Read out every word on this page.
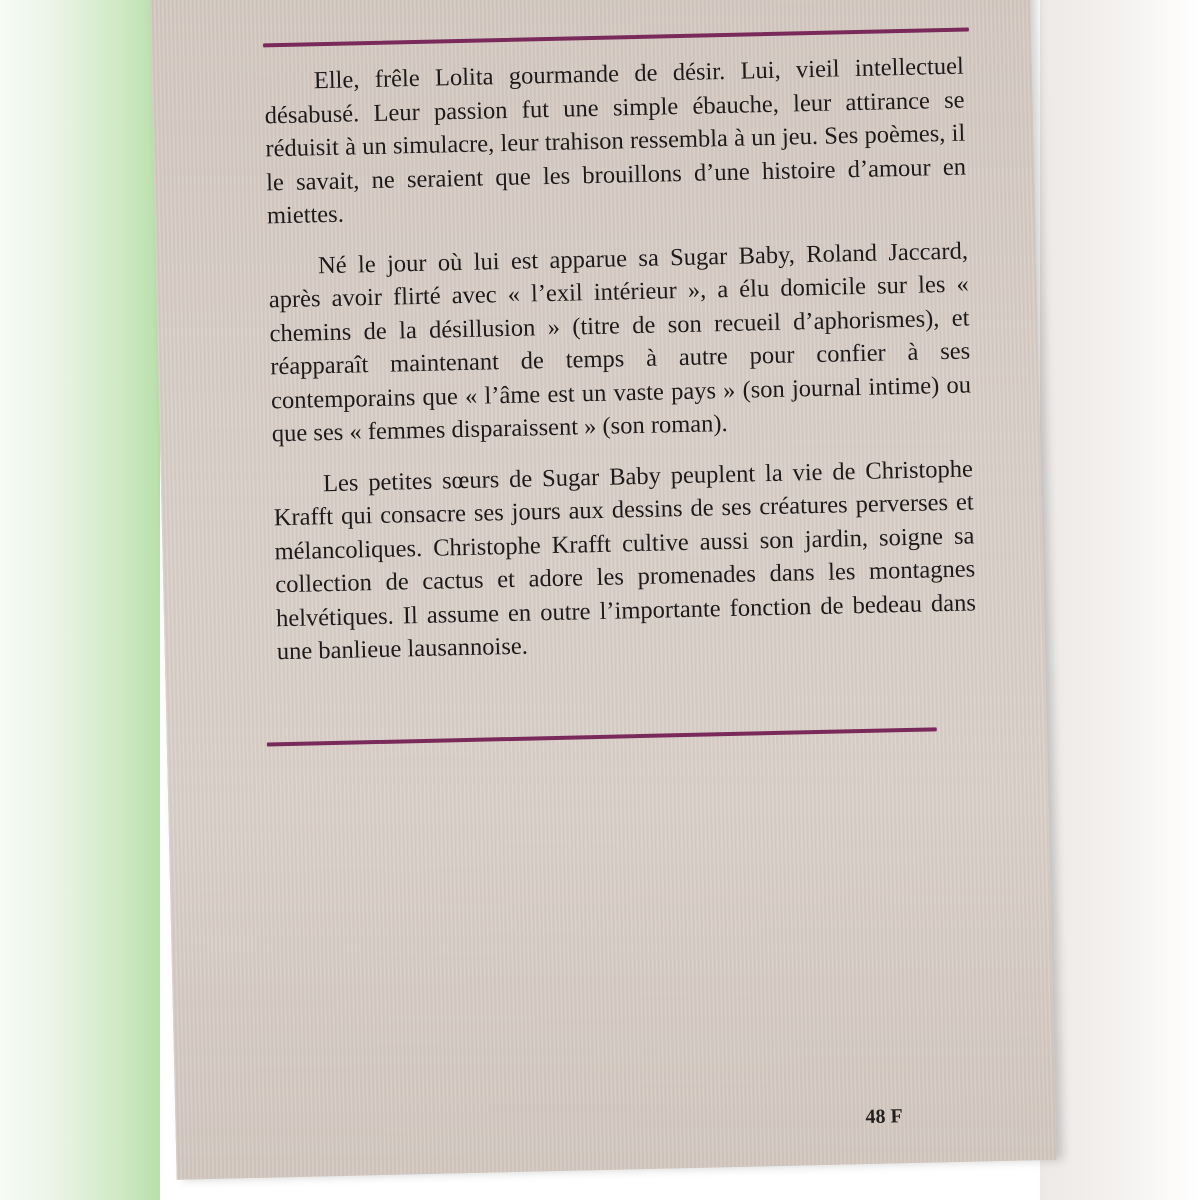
Elle, frêle Lolita gourmande de désir. Lui, vieil intellectuel désabusé. Leur passion fut une simple ébauche, leur attirance se réduisit à un simulacre, leur trahison ressembla à un jeu. Ses poèmes, il le savait, ne seraient que les brouillons d’une histoire d’amour en miettes.

Né le jour où lui est apparue sa Sugar Baby, Roland Jaccard, après avoir flirté avec « l’exil intérieur », a élu domicile sur les « chemins de la désillusion » (titre de son recueil d’aphorismes), et réapparaît maintenant de temps à autre pour confier à ses contemporains que « l’âme est un vaste pays » (son journal intime) ou que ses « femmes disparaissent » (son roman).

Les petites sœurs de Sugar Baby peuplent la vie de Christophe Krafft qui consacre ses jours aux dessins de ses créatures perverses et mélancoliques. Christophe Krafft cultive aussi son jardin, soigne sa collection de cactus et adore les promenades dans les montagnes helvétiques. Il assume en outre l’importante fonction de bedeau dans une banlieue lausannoise.

48 F
